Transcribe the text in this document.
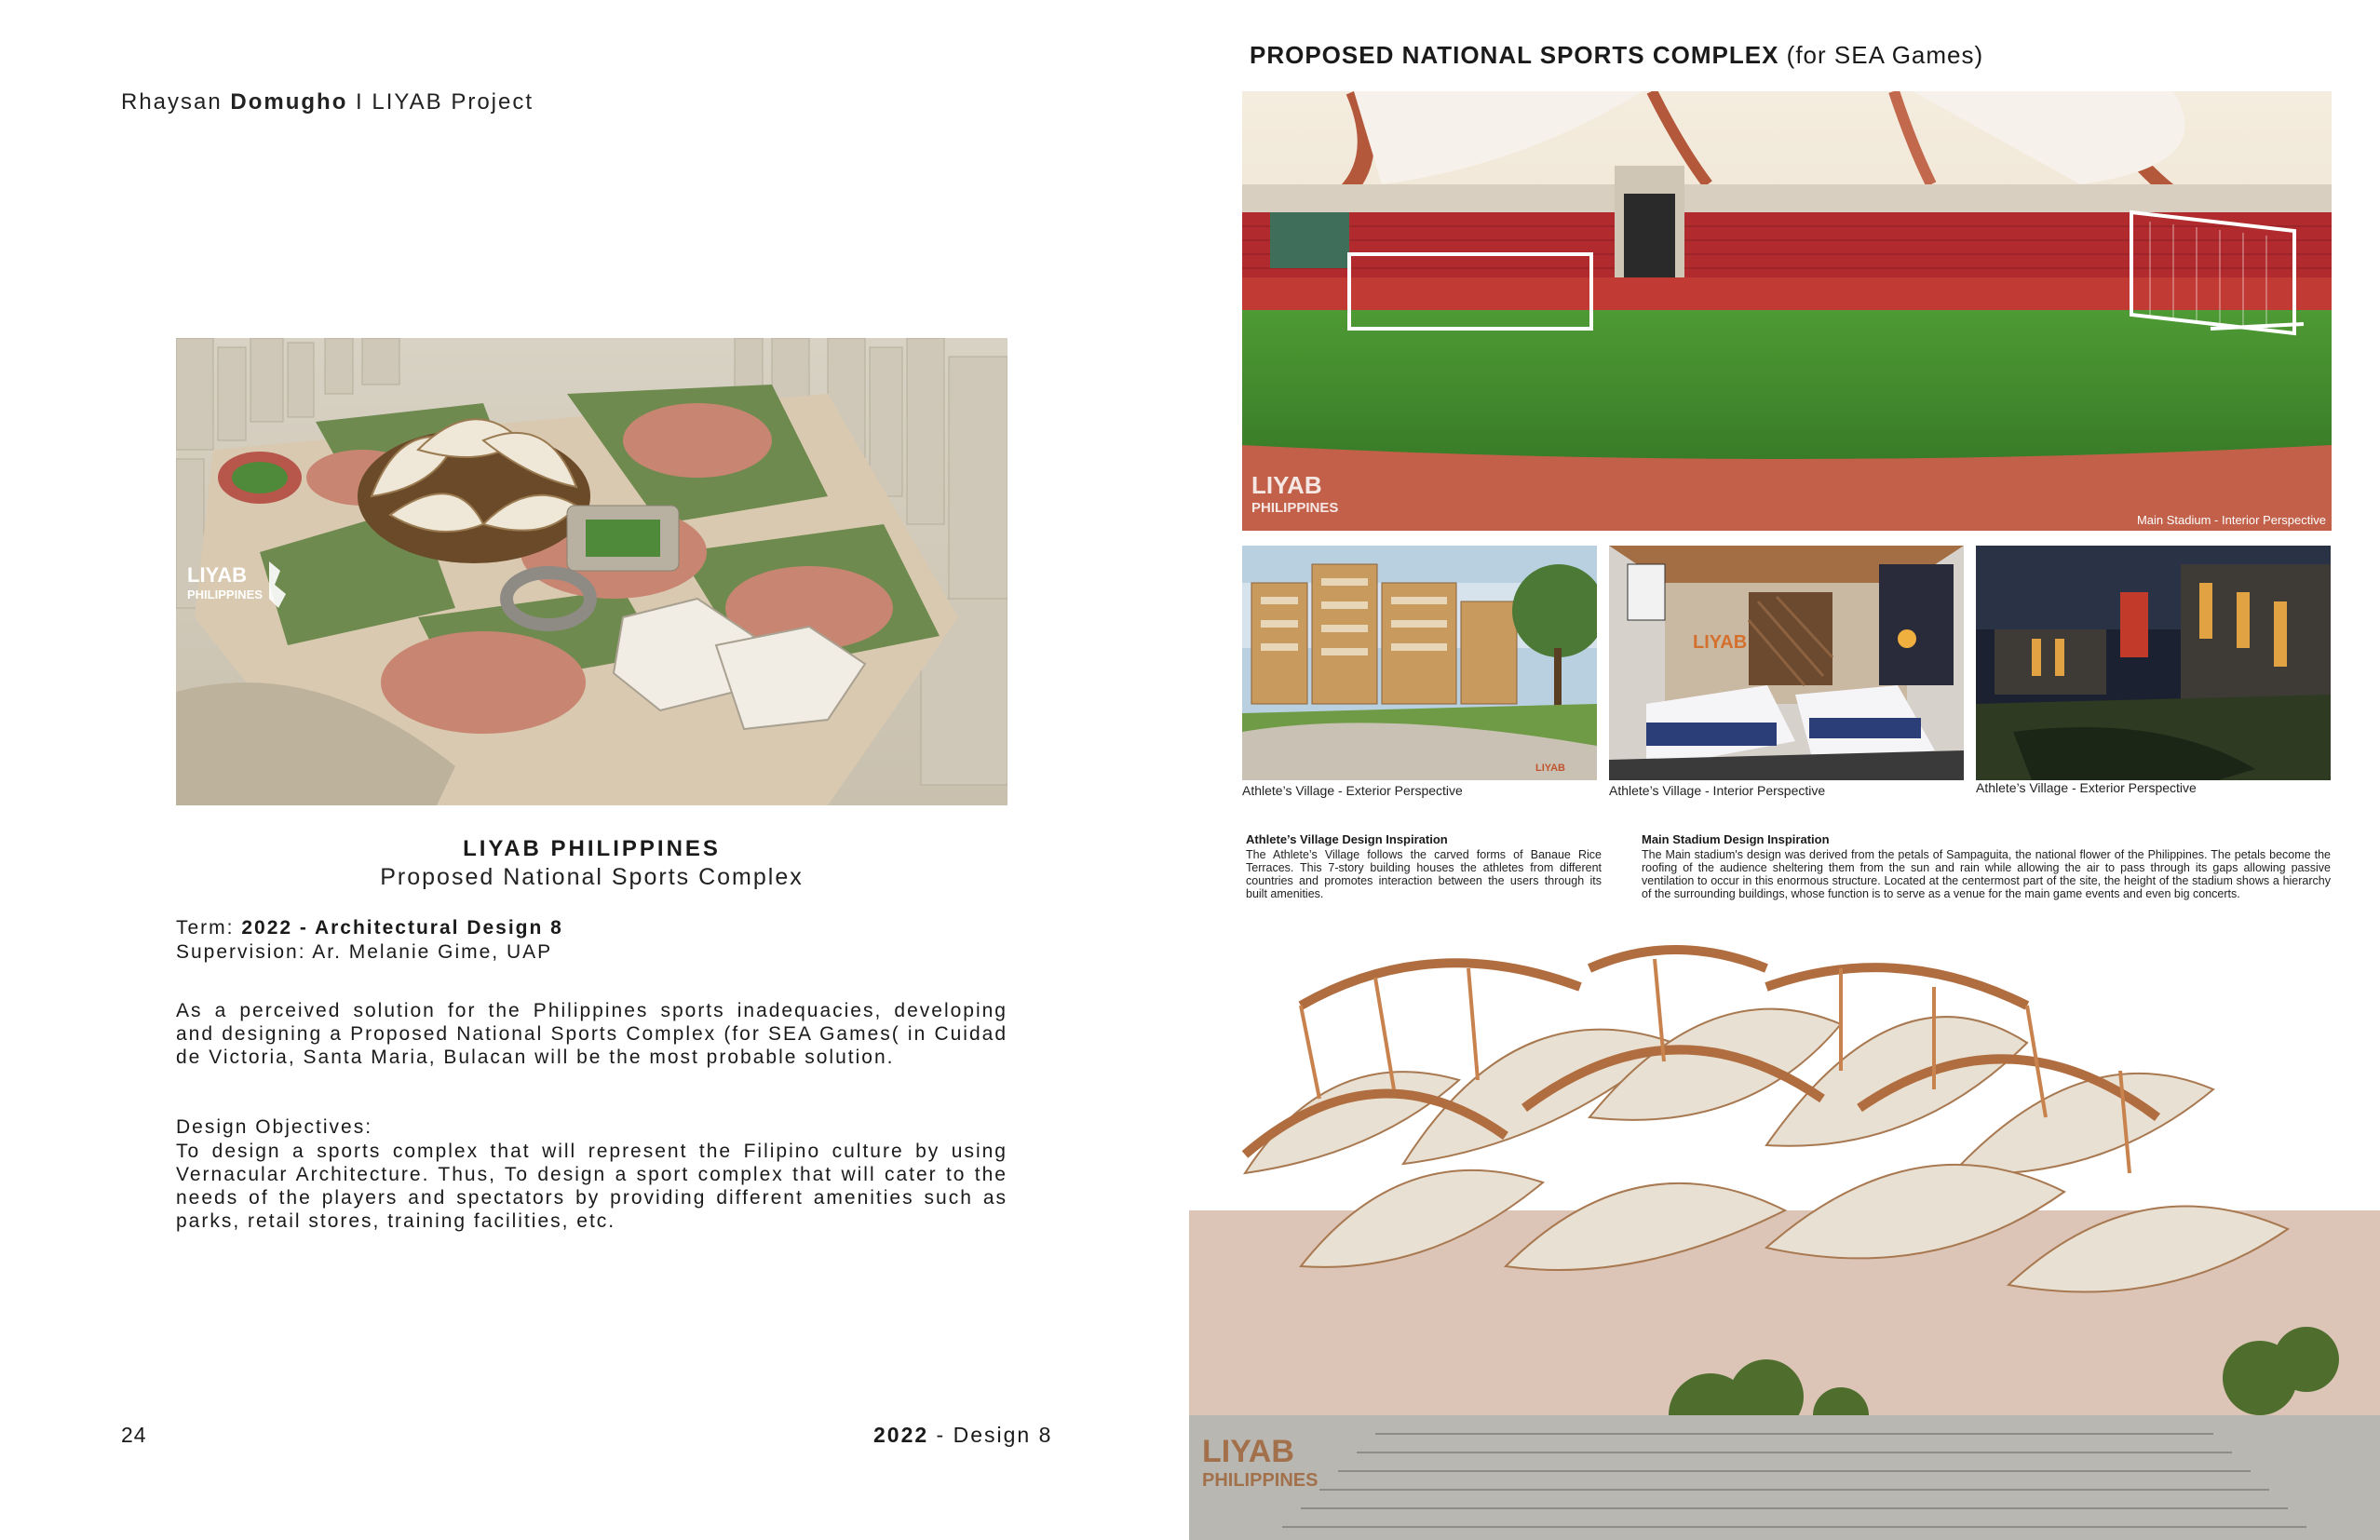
Rhaysan Domugho I LIYAB Project
LIYAB
PHILIPPINES
LIYAB PHILIPPINES
Proposed National Sports Complex
Term: 2022 - Architectural Design 8
Supervision: Ar. Melanie Gime, UAP
As a perceived solution for the Philippines sports inadequacies, developing and designing a Proposed National Sports Complex (for SEA Games( in Cuidad de Victoria, Santa Maria, Bulacan will be the most probable solution.
Design Objectives:
To design a sports complex that will represent the Filipino culture by using Vernacular Architecture. Thus, To design a sport complex that will cater to the needs of the players and spectators by providing different amenities such as parks, retail stores, training facilities, etc.
24	2022 - Design 8
PROPOSED NATIONAL SPORTS COMPLEX (for SEA Games)
LIYAB
PHILIPPINES
Main Stadium - Interior Perspective
LIYAB
LIYAB
Athlete’s Village - Exterior Perspective	Athlete’s Village - Interior Perspective	Athlete’s Village - Exterior Perspective
Athlete’s Village Design Inspiration
The Athlete’s Village follows the carved forms of Banaue Rice Terraces. This 7-story building houses the athletes from different countries and promotes interaction between the users through its built amenities.
Main Stadium Design Inspiration
The Main stadium's design was derived from the petals of Sampaguita, the national flower of the Philippines. The petals become the roofing of the audience sheltering them from the sun and rain while allowing the air to pass through its gaps allowing passive ventilation to occur in this enormous structure. Located at the centermost part of the site, the height of the stadium shows a hierarchy of the surrounding buildings, whose function is to serve as a venue for the main game events and even big concerts.
LIYAB
PHILIPPINES
